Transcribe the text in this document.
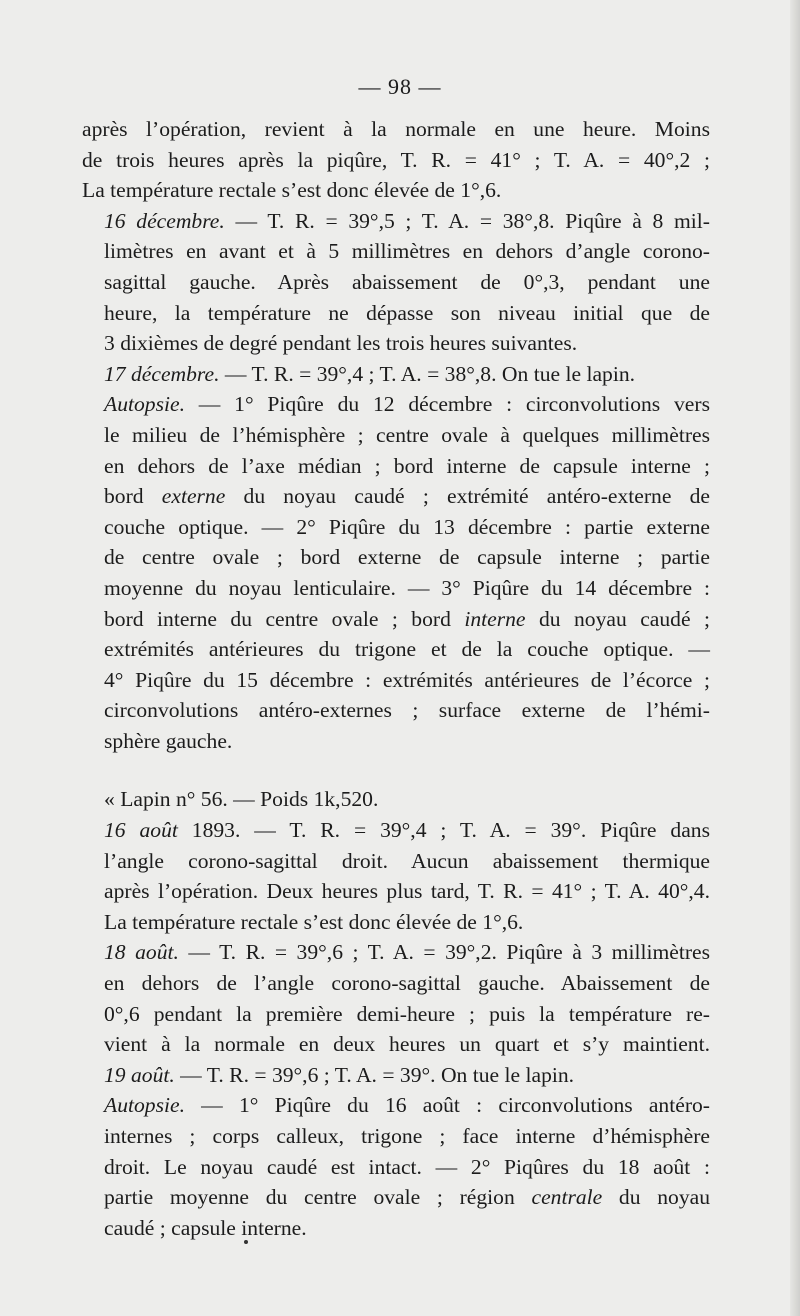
— 98 —

après l’opération, revient à la normale en une heure. Moins
de trois heures après la piqûre, T. R. = 41° ; T. A. = 40°,2 ;
La température rectale s’est donc élevée de 1°,6.

16 décembre. — T. R. = 39°,5 ; T. A. = 38°,8. Piqûre à 8 mil-
limètres en avant et à 5 millimètres en dehors d’angle corono-
sagittal gauche. Après abaissement de 0°,3, pendant une
heure, la température ne dépasse son niveau initial que de
3 dixièmes de degré pendant les trois heures suivantes.

17 décembre. — T. R. = 39°,4 ; T. A. = 38°,8. On tue le lapin.

Autopsie. — 1° Piqûre du 12 décembre : circonvolutions vers
le milieu de l’hémisphère ; centre ovale à quelques millimètres
en dehors de l’axe médian ; bord interne de capsule interne ;
bord externe du noyau caudé ; extrémité antéro-externe de
couche optique. — 2° Piqûre du 13 décembre : partie externe
de centre ovale ; bord externe de capsule interne ; partie
moyenne du noyau lenticulaire. — 3° Piqûre du 14 décembre :
bord interne du centre ovale ; bord interne du noyau caudé ;
extrémités antérieures du trigone et de la couche optique. —
4° Piqûre du 15 décembre : extrémités antérieures de l’écorce ;
circonvolutions antéro-externes ; surface externe de l’hémi-
sphère gauche.

« Lapin n° 56. — Poids 1k,520.

16 août 1893. — T. R. = 39°,4 ; T. A. = 39°. Piqûre dans
l’angle corono-sagittal droit. Aucun abaissement thermique
après l’opération. Deux heures plus tard, T. R. = 41° ; T. A. 40°,4.
La température rectale s’est donc élevée de 1°,6.

18 août. — T. R. = 39°,6 ; T. A. = 39°,2. Piqûre à 3 millimètres
en dehors de l’angle corono-sagittal gauche. Abaissement de
0°,6 pendant la première demi-heure ; puis la température re-
vient à la normale en deux heures un quart et s’y maintient.

19 août. — T. R. = 39°,6 ; T. A. = 39°. On tue le lapin.

Autopsie. — 1° Piqûre du 16 août : circonvolutions antéro-
internes ; corps calleux, trigone ; face interne d’hémisphère
droit. Le noyau caudé est intact. — 2° Piqûres du 18 août :
partie moyenne du centre ovale ; région centrale du noyau
caudé ; capsule interne.
